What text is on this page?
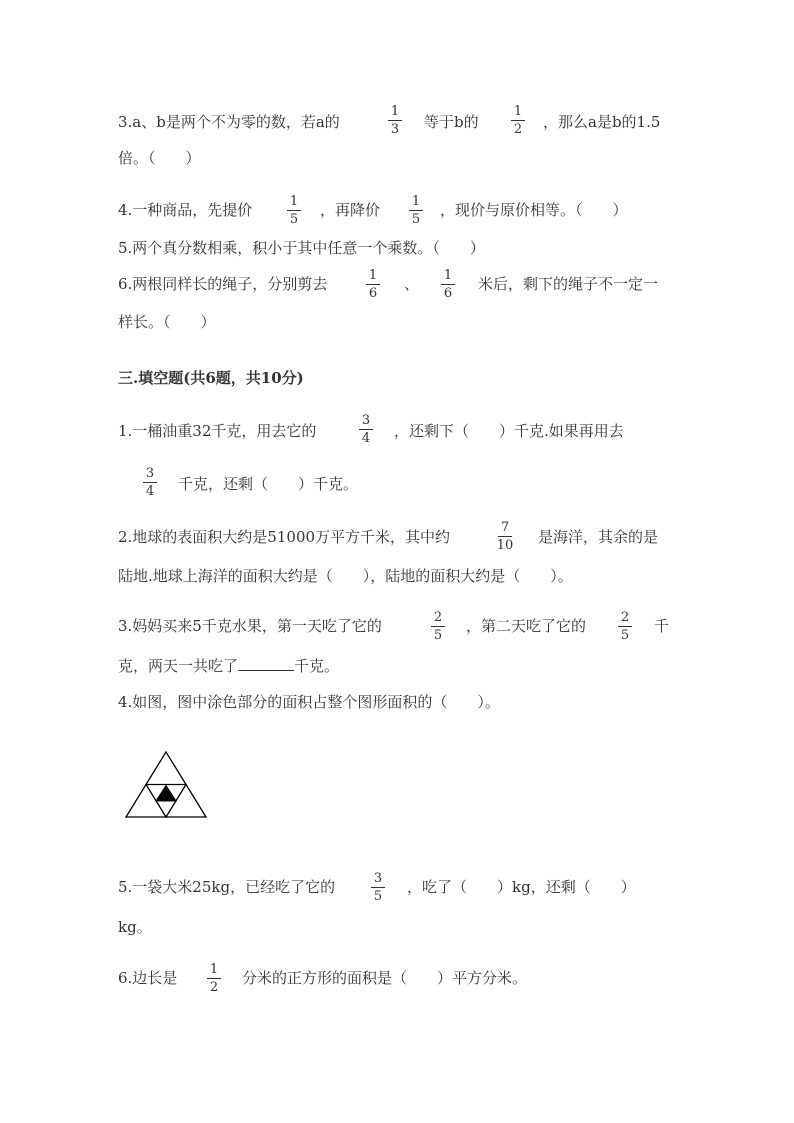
3.a、b是两个不为零的数，若a的
1
3 等于b的
1
2 ，那么a是b的1.5
倍。（　　）
4.一种商品，先提价	1
5
，再降价 1
5
，现价与原价相等。（　　）
5.两个真分数相乘，积小于其中任意一个乘数。（　　）
6.两根同样长的绳子，分别剪去	1
6
、 1
6
米后，剩下的绳子不一定一
样长。（　　）
三.填空题(共6题，共10分)
1.一桶油重32千克，用去它的
3
4 ，还剩下（　　）千克.如果再用去
3
4 千克，还剩（　　）千克。
2.地球的表面积大约是51000万平方千米，其中约
7
10 是海洋，其余的是
陆地.地球上海洋的面积大约是（　　），陆地的面积大约是（　　）。
3.妈妈买来5千克水果，第一天吃了它的	2
5
，第二天吃了它的	2
5
千
克，两天一共吃了	千克。
4.如图，图中涂色部分的面积占整个图形面积的（　　）。
5.一袋大米25kg，已经吃了它的	3
5
，吃了（　　）kg，还剩（　　）
kg。
6.边长是	1
2
分米的正方形的面积是（　　）平方分米。
